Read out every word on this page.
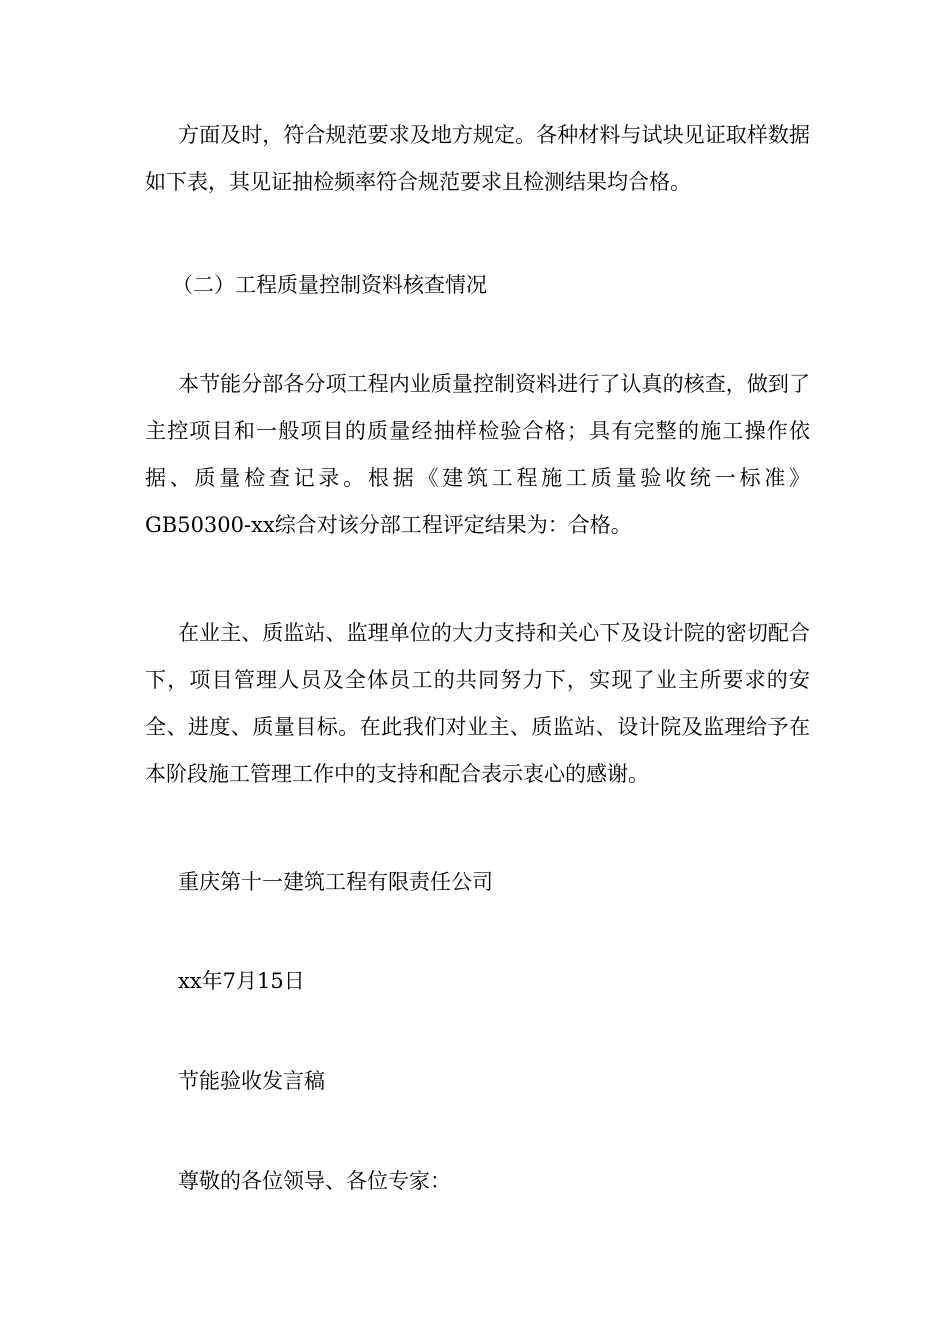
方面及时，符合规范要求及地方规定。各种材料与试块见证取样数据如下表，其见证抽检频率符合规范要求且检测结果均合格。

（二）工程质量控制资料核查情况

本节能分部各分项工程内业质量控制资料进行了认真的核查，做到了主控项目和一般项目的质量经抽样检验合格；具有完整的施工操作依据、质量检查记录。根据《建筑工程施工质量验收统一标准》GB50300-xx综合对该分部工程评定结果为：合格。

在业主、质监站、监理单位的大力支持和关心下及设计院的密切配合下，项目管理人员及全体员工的共同努力下，实现了业主所要求的安全、进度、质量目标。在此我们对业主、质监站、设计院及监理给予在本阶段施工管理工作中的支持和配合表示衷心的感谢。

重庆第十一建筑工程有限责任公司

xx年7月15日

节能验收发言稿

尊敬的各位领导、各位专家：
